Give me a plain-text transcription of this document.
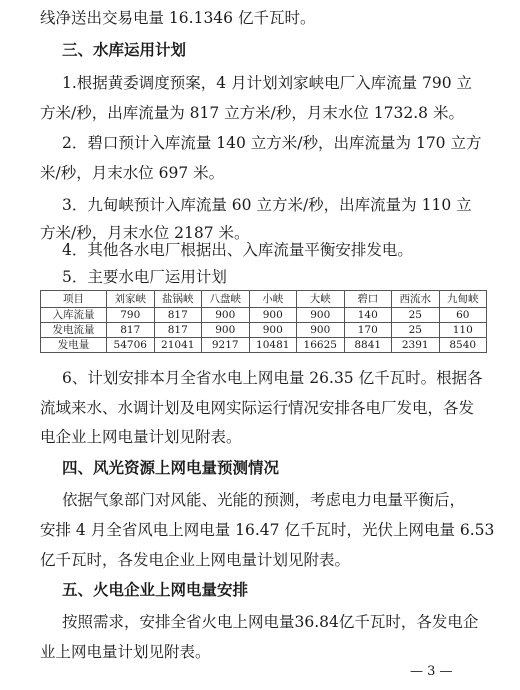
线净送出交易电量 16.1346 亿千瓦时。
三、水库运用计划
1.根据黄委调度预案，4 月计划刘家峡电厂入库流量 790 立
方米/秒，出库流量为 817 立方米/秒，月末水位 1732.8 米。
2．碧口预计入库流量 140 立方米/秒，出库流量为 170 立方
米/秒，月末水位 697 米。
3．九甸峡预计入库流量 60 立方米/秒，出库流量为 110 立
方米/秒，月末水位 2187 米。
4．其他各水电厂根据出、入库流量平衡安排发电。
5．主要水电厂运用计划
项目	刘家峡	盐锅峡	八盘峡	小峡	大峡	碧口	西流水	九甸峡
入库流量	790	817	900	900	900	140	25	60
发电流量	817	817	900	900	900	170	25	110
发电量	54706	21041	9217	10481	16625	8841	2391	8540
6、计划安排本月全省水电上网电量 26.35 亿千瓦时。根据各
流域来水、水调计划及电网实际运行情况安排各电厂发电，各发
电企业上网电量计划见附表。
四、风光资源上网电量预测情况
依据气象部门对风能、光能的预测，考虑电力电量平衡后，
安排 4 月全省风电上网电量 16.47 亿千瓦时，光伏上网电量 6.53
亿千瓦时，各发电企业上网电量计划见附表。
五、火电企业上网电量安排
按照需求，安排全省火电上网电量36.84亿千瓦时，各发电企
业上网电量计划见附表。
— 3 —
